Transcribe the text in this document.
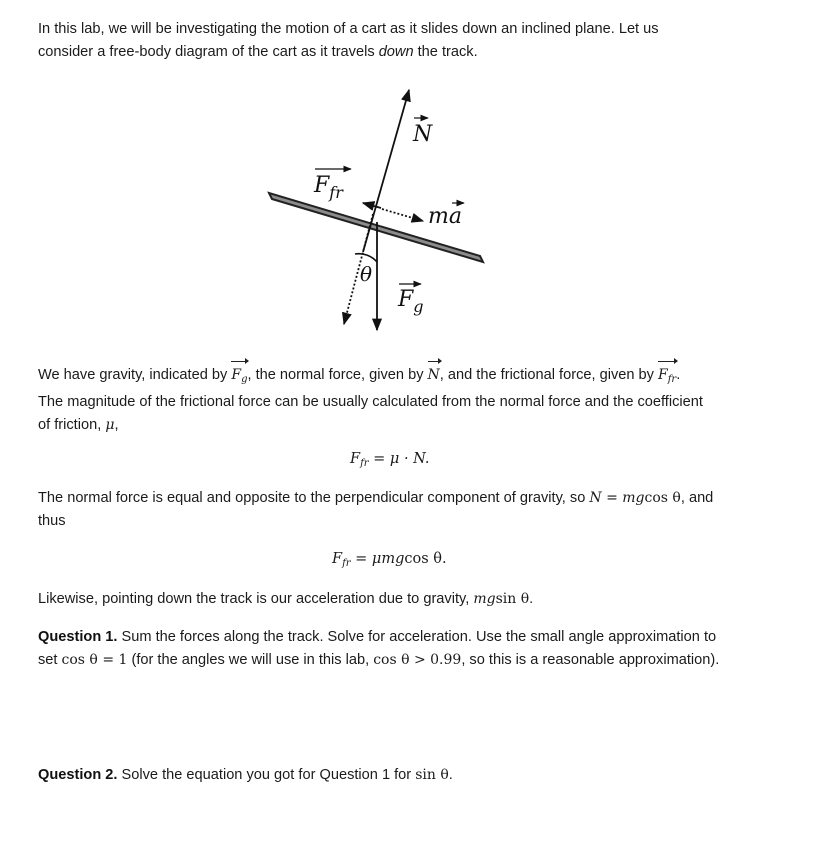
In this lab, we will be investigating the motion of a cart as it slides down an inclined plane. Let us
consider a free-body diagram of the cart as it travels down the track.

N
$F_{fr}$
ma
θ
$F_g$

We have gravity, indicated by $F_g$, the normal force, given by N, and the frictional force, given by $F_{fr}$.
The magnitude of the frictional force can be usually calculated from the normal force and the coefficient
of friction, μ,

$F_{fr} = \mu \cdot N$.

The normal force is equal and opposite to the perpendicular component of gravity, so N = mgcos θ, and
thus

$F_{fr} = \mu mgcos$ θ.

Likewise, pointing down the track is our acceleration due to gravity, mgsin θ.

Question 1. Sum the forces along the track. Solve for acceleration. Use the small angle approximation to
set cos θ = 1 (for the angles we will use in this lab, cos θ > 0.99, so this is a reasonable approximation).

Question 2. Solve the equation you got for Question 1 for sin θ.
